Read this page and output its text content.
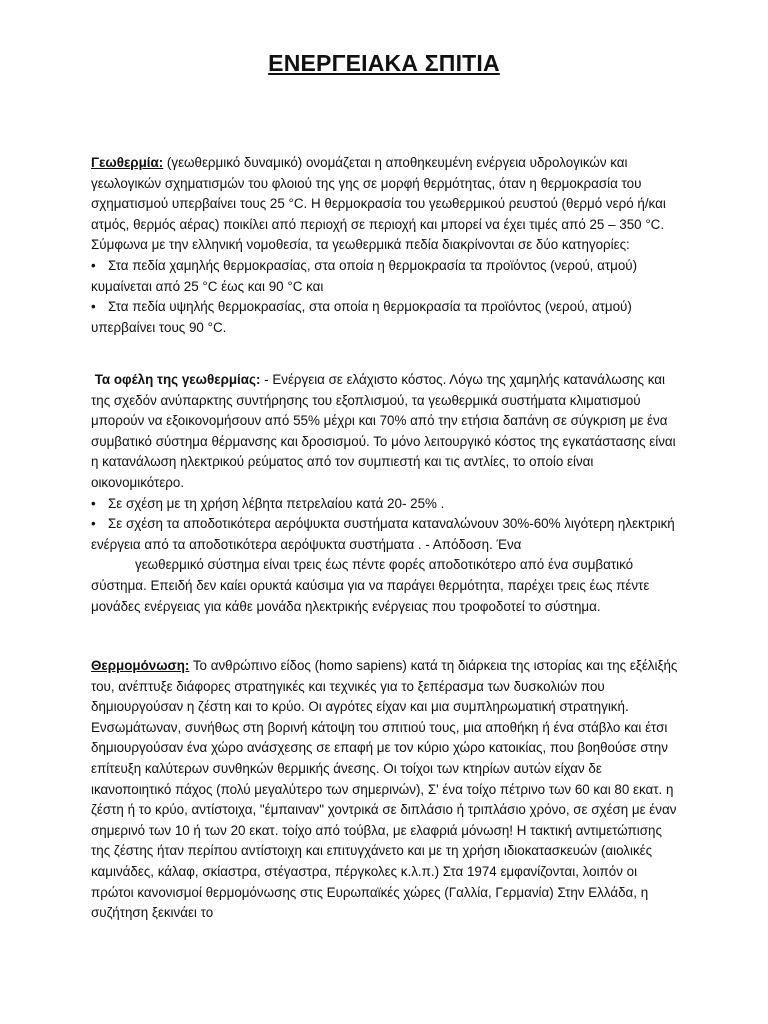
ΕΝΕΡΓΕΙΑΚΑ ΣΠΙΤΙΑ

Γεωθερμία: (γεωθερμικό δυναμικό) ονομάζεται η αποθηκευμένη ενέργεια υδρολογικών και γεωλογικών σχηματισμών του φλοιού της γης σε μορφή θερμότητας, όταν η θερμοκρασία του σχηματισμού υπερβαίνει τους 25 °C. Η θερμοκρασία του γεωθερμικού ρευστού (θερμό νερό ή/και ατμός, θερμός αέρας) ποικίλει από περιοχή σε περιοχή και μπορεί να έχει τιμές από 25 – 350 °C. Σύμφωνα με την ελληνική νομοθεσία, τα γεωθερμικά πεδία διακρίνονται σε δύο κατηγορίες:

• Στα πεδία χαμηλής θερμοκρασίας, στα οποία η θερμοκρασία τα προϊόντος (νερού, ατμού) κυμαίνεται από 25 °C έως και 90 °C και

• Στα πεδία υψηλής θερμοκρασίας, στα οποία η θερμοκρασία τα προϊόντος (νερού, ατμού) υπερβαίνει τους 90 °C.

Τα οφέλη της γεωθερμίας: - Ενέργεια σε ελάχιστο κόστος. Λόγω της χαμηλής κατανάλωσης και της σχεδόν ανύπαρκτης συντήρησης του εξοπλισμού, τα γεωθερμικά συστήματα κλιματισμού μπορούν να εξοικονομήσουν από 55% μέχρι και 70% από την ετήσια δαπάνη σε σύγκριση με ένα συμβατικό σύστημα θέρμανσης και δροσισμού. Το μόνο λειτουργικό κόστος της εγκατάστασης είναι η κατανάλωση ηλεκτρικού ρεύματος από τον συμπιεστή και τις αντλίες, το οποίο είναι οικονομικότερο.

• Σε σχέση με τη χρήση λέβητα πετρελαίου κατά 20- 25% .

• Σε σχέση τα αποδοτικότερα αερόψυκτα συστήματα καταναλώνουν 30%-60% λιγότερη ηλεκτρική ενέργεια από τα αποδοτικότερα αερόψυκτα συστήματα . - Απόδοση. Ένα

γεωθερμικό σύστημα είναι τρεις έως πέντε φορές αποδοτικότερο από ένα συμβατικό σύστημα. Επειδή δεν καίει ορυκτά καύσιμα για να παράγει θερμότητα, παρέχει τρεις έως πέντε μονάδες ενέργειας για κάθε μονάδα ηλεκτρικής ενέργειας που τροφοδοτεί το σύστημα.

Θερμομόνωση: Το ανθρώπινο είδος (homo sapiens) κατά τη διάρκεια της ιστορίας και της εξέλιξής του, ανέπτυξε διάφορες στρατηγικές και τεχνικές για το ξεπέρασμα των δυσκολιών που δημιουργούσαν η ζέστη και το κρύο. Οι αγρότες είχαν και μια συμπληρωματική στρατηγική. Ενσωμάτωναν, συνήθως στη βορινή κάτοψη του σπιτιού τους, μια αποθήκη ή ένα στάβλο και έτσι δημιουργούσαν ένα χώρο ανάσχεσης σε επαφή με τον κύριο χώρο κατοικίας, που βοηθούσε στην επίτευξη καλύτερων συνθηκών θερμικής άνεσης. Οι τοίχοι των κτηρίων αυτών είχαν δε ικανοποιητικό πάχος (πολύ μεγαλύτερο των σημερινών), Σ' ένα τοίχο πέτρινο των 60 και 80 εκατ. η ζέστη ή το κρύο, αντίστοιχα, "έμπαιναν" χοντρικά σε διπλάσιο ή τριπλάσιο χρόνο, σε σχέση με έναν σημερινό των 10 ή των 20 εκατ. τοίχο από τούβλα, με ελαφριά μόνωση! Η τακτική αντιμετώπισης της ζέστης ήταν περίπου αντίστοιχη και επιτυγχάνετο και με τη χρήση ιδιοκατασκευών (αιολικές καμινάδες, κάλαφ, σκίαστρα, στέγαστρα, πέργκολες κ.λ.π.) Στα 1974 εμφανίζονται, λοιπόν οι πρώτοι κανονισμοί θερμομόνωσης στις Ευρωπαϊκές χώρες (Γαλλία, Γερμανία) Στην Ελλάδα, η συζήτηση ξεκινάει το
